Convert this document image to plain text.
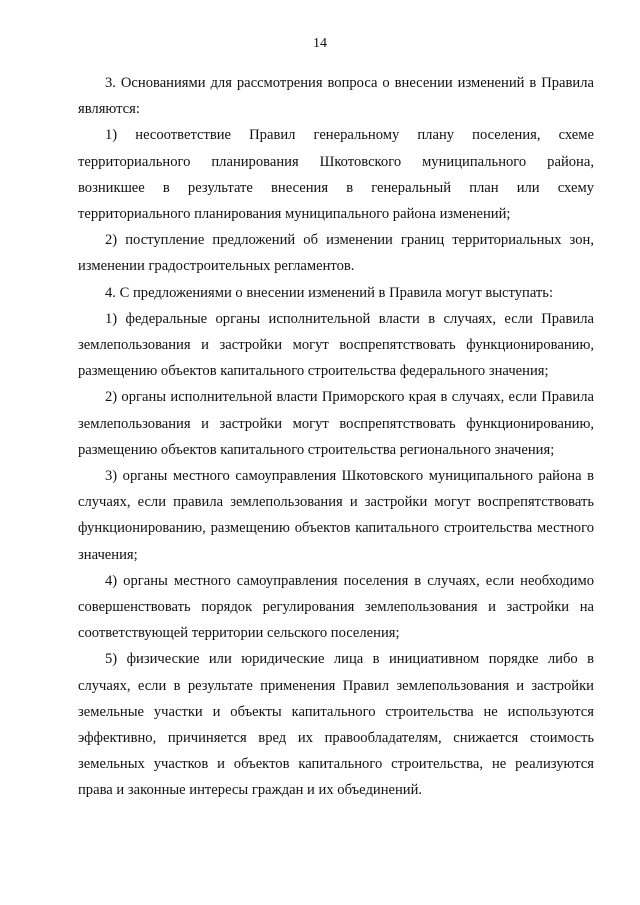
14

3. Основаниями для рассмотрения вопроса о внесении изменений в Правила являются:

1) несоответствие Правил генеральному плану поселения, схеме территориального планирования Шкотовского муниципального района, возникшее в результате внесения в генеральный план или схему территориального планирования муниципального района изменений;

2) поступление предложений об изменении границ территориальных зон, изменении градостроительных регламентов.

4. С предложениями о внесении изменений в Правила могут выступать:

1) федеральные органы исполнительной власти в случаях, если Правила землепользования и застройки могут воспрепятствовать функционированию, размещению объектов капитального строительства федерального значения;

2) органы исполнительной власти Приморского края в случаях, если Правила землепользования и застройки могут воспрепятствовать функционированию, размещению объектов капитального строительства регионального значения;

3) органы местного самоуправления Шкотовского муниципального района в случаях, если правила землепользования и застройки могут воспрепятствовать функционированию, размещению объектов капитального строительства местного значения;

4) органы местного самоуправления поселения в случаях, если необходимо совершенствовать порядок регулирования землепользования и застройки на соответствующей территории сельского поселения;

5) физические или юридические лица в инициативном порядке либо в случаях, если в результате применения Правил землепользования и застройки земельные участки и объекты капитального строительства не используются эффективно, причиняется вред их правообладателям, снижается стоимость земельных участков и объектов капитального строительства, не реализуются права и законные интересы граждан и их объединений.
